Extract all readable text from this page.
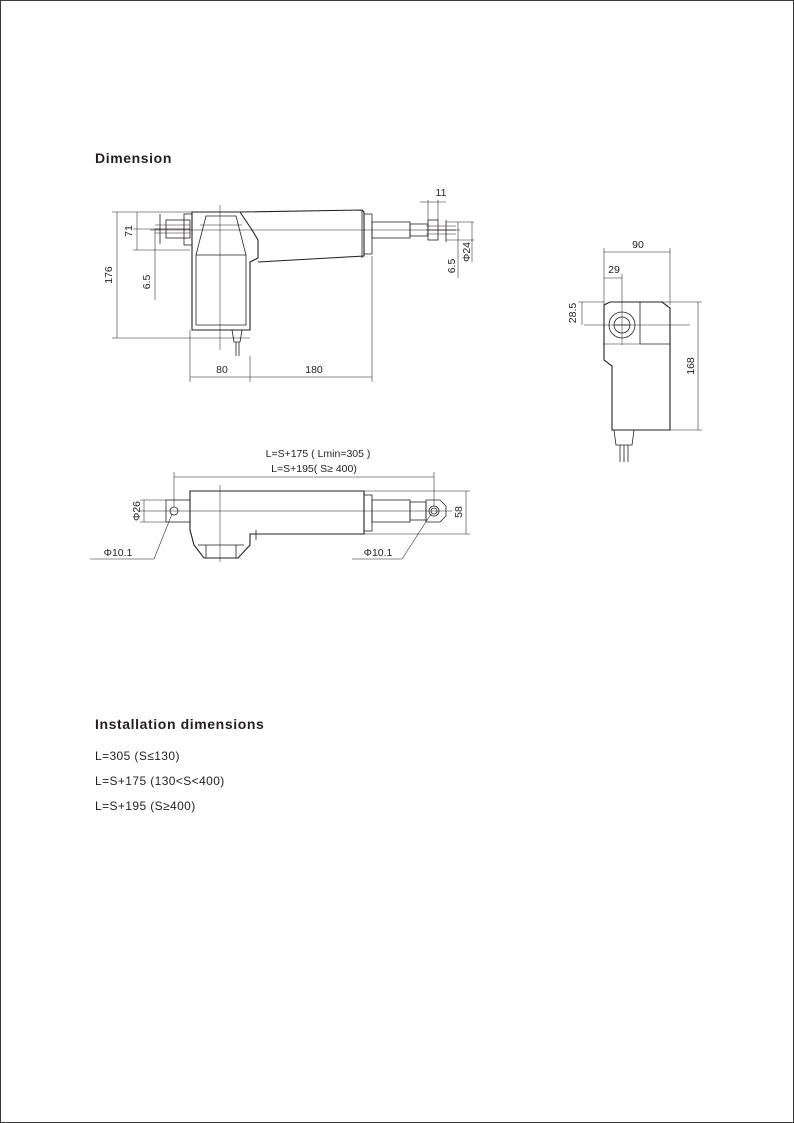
Dimension
176
71
6.5
11
Φ24
6.5
80	180
90
29
28.5
168
L=S+175 ( Lmin=305 )
L=S+195( S≥ 400)
Φ26	58
Φ10.1	Φ10.1
Installation dimensions
L=305 (S≤130)
L=S+175 (130<S<400)
L=S+195 (S≥400)
